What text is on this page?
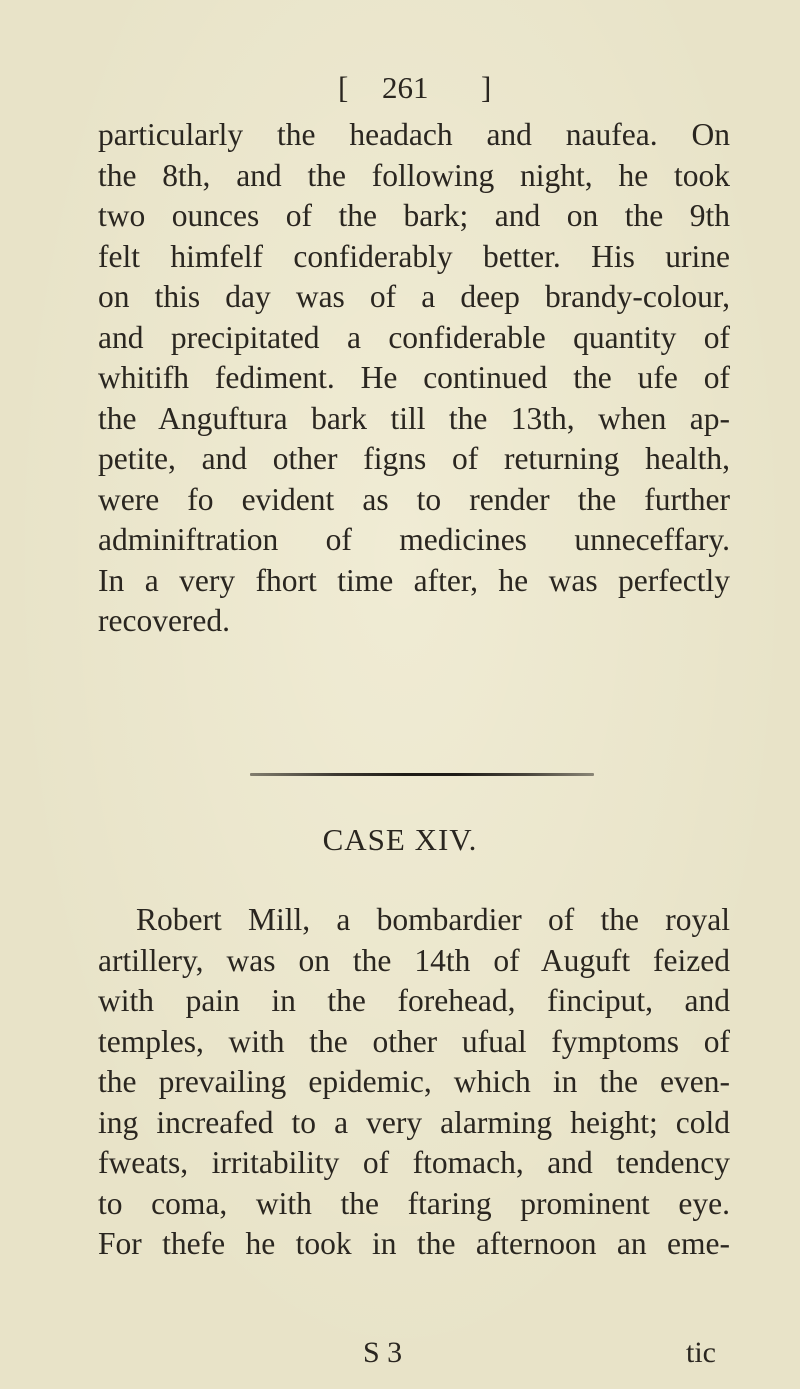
[ 261 ]
particularly the headach and naufea. On
the 8th, and the following night, he took
two ounces of the bark; and on the 9th
felt himfelf confiderably better. His urine
on this day was of a deep brandy-colour,
and precipitated a confiderable quantity of
whitifh fediment. He continued the ufe of
the Anguftura bark till the 13th, when ap-
petite, and other figns of returning health,
were fo evident as to render the further
adminiftration of medicines unneceffary.
In a very fhort time after, he was perfectly
recovered.
CASE XIV.
Robert Mill, a bombardier of the royal
artillery, was on the 14th of Auguft feized
with pain in the forehead, finciput, and
temples, with the other ufual fymptoms of
the prevailing epidemic, which in the even-
ing increafed to a very alarming height; cold
fweats, irritability of ftomach, and tendency
to coma, with the ftaring prominent eye.
For thefe he took in the afternoon an eme-
S 3	tic
